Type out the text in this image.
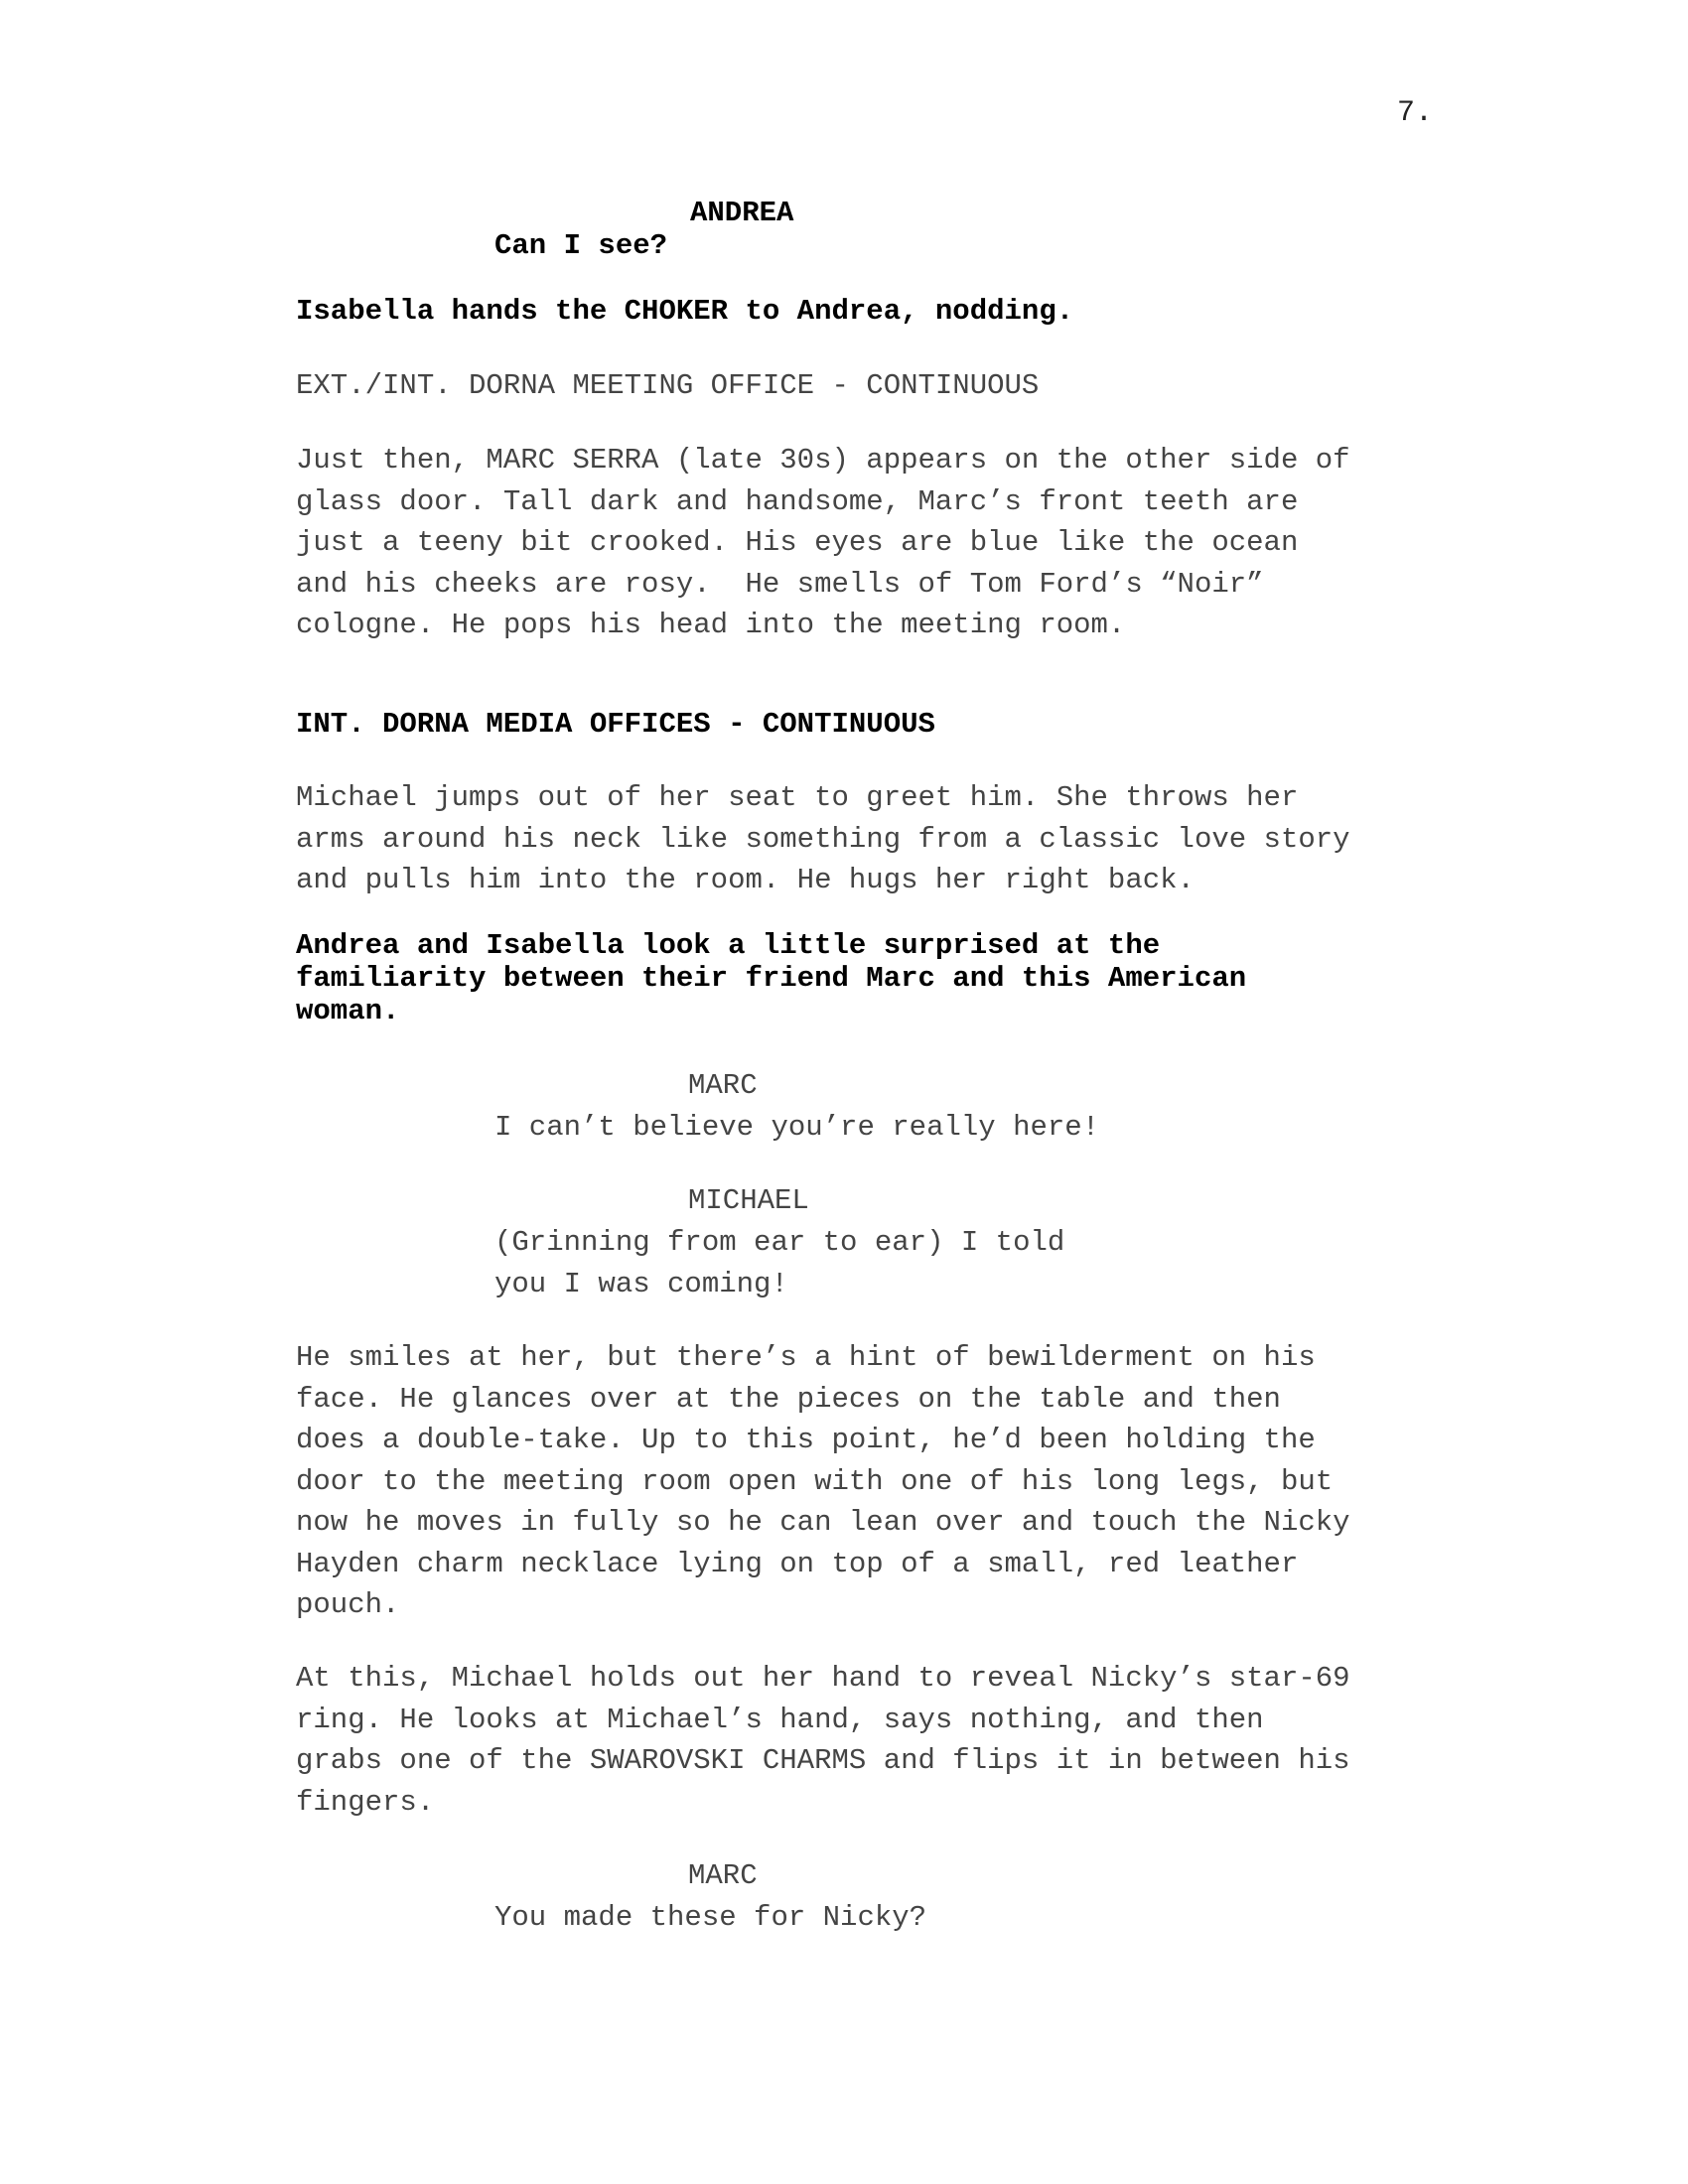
7.
ANDREA
Can I see?
Isabella hands the CHOKER to Andrea, nodding.
EXT./INT. DORNA MEETING OFFICE - CONTINUOUS
Just then, MARC SERRA (late 30s) appears on the other side of
glass door. Tall dark and handsome, Marc’s front teeth are
just a teeny bit crooked. His eyes are blue like the ocean
and his cheeks are rosy.  He smells of Tom Ford’s “Noir”
cologne. He pops his head into the meeting room.
INT. DORNA MEDIA OFFICES - CONTINUOUS
Michael jumps out of her seat to greet him. She throws her
arms around his neck like something from a classic love story
and pulls him into the room. He hugs her right back.
Andrea and Isabella look a little surprised at the
familiarity between their friend Marc and this American
woman.
MARC
I can’t believe you’re really here!
MICHAEL
(Grinning from ear to ear) I told
you I was coming!
He smiles at her, but there’s a hint of bewilderment on his
face. He glances over at the pieces on the table and then
does a double-take. Up to this point, he’d been holding the
door to the meeting room open with one of his long legs, but
now he moves in fully so he can lean over and touch the Nicky
Hayden charm necklace lying on top of a small, red leather
pouch.
At this, Michael holds out her hand to reveal Nicky’s star-69
ring. He looks at Michael’s hand, says nothing, and then
grabs one of the SWAROVSKI CHARMS and flips it in between his
fingers.
MARC
You made these for Nicky?
